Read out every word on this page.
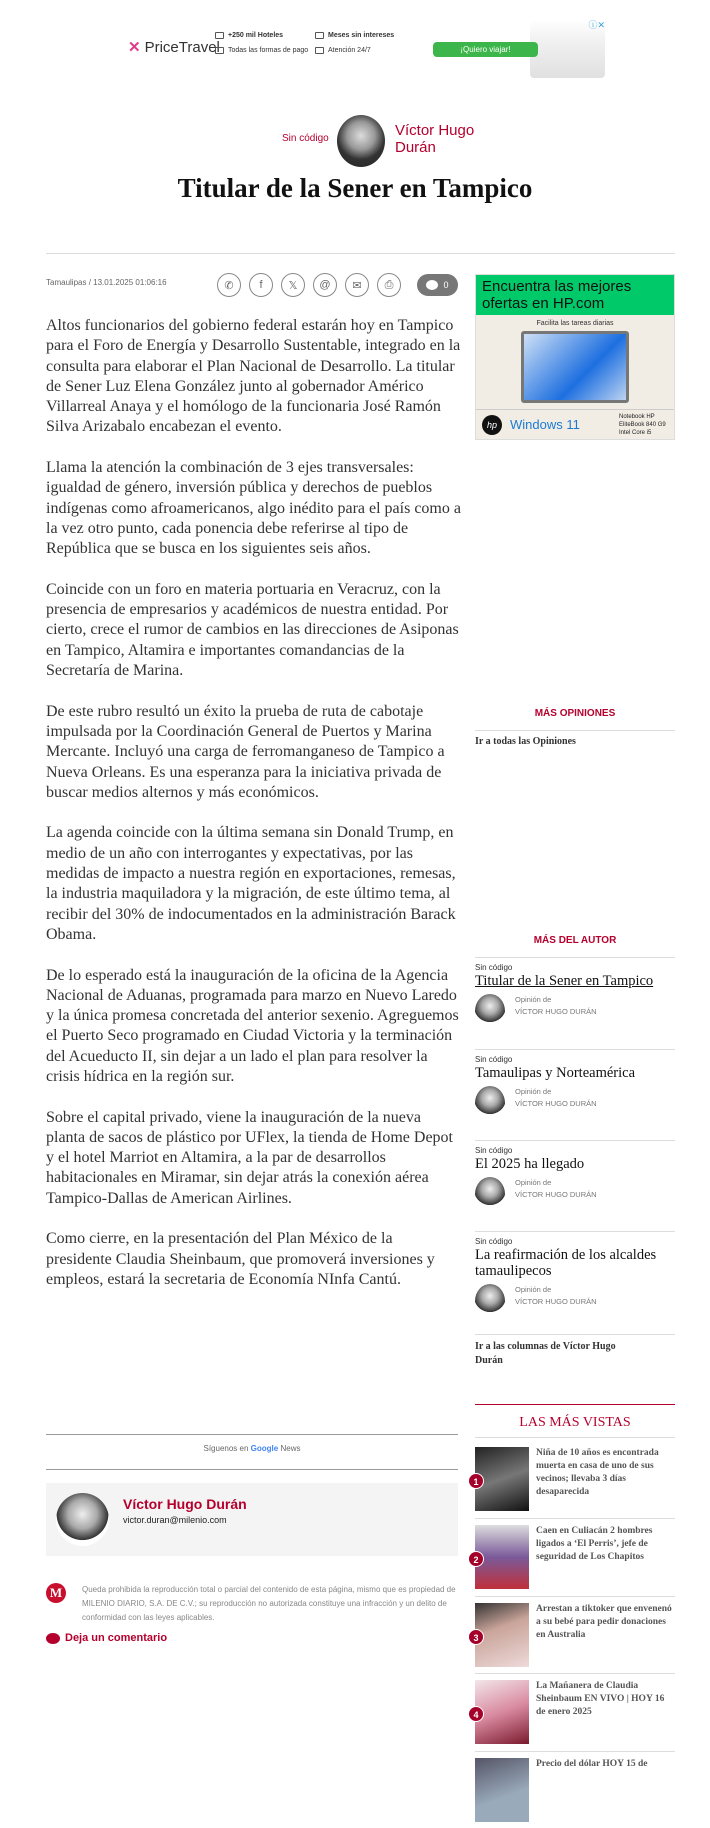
✕ PriceTravel
+250 mil Hoteles
Todas las formas de pago
Meses sin intereses
Atención 24/7	¡Quiero viajar!
ⓘ✕
Sin código	Víctor Hugo Durán
Titular de la Sener en Tampico
Tamaulipas / 13.01.2025 01:06:16	✆	f	𝕏	@	✉	⎙	0	Encuentra las mejores ofertas en HP.com
Facilita las tareas diarias
hp	Windows 11
Notebook HP EliteBook 840 G9 Intel Core i5

Altos funcionarios del gobierno federal estarán hoy en Tampico para el Foro de Energía y Desarrollo Sustentable, integrado en la consulta para elaborar el Plan Nacional de Desarrollo. La titular de Sener Luz Elena González junto al gobernador Américo Villarreal Anaya y el homólogo de la funcionaria José Ramón Silva Arizabalo encabezan el evento.

Llama la atención la combinación de 3 ejes transversales: igualdad de género, inversión pública y derechos de pueblos indígenas como afroamericanos, algo inédito para el país como a la vez otro punto, cada ponencia debe referirse al tipo de República que se busca en los siguientes seis años.

Coincide con un foro en materia portuaria en Veracruz, con la presencia de empresarios y académicos de nuestra entidad. Por cierto, crece el rumor de cambios en las direcciones de Asiponas en Tampico, Altamira e importantes comandancias de la Secretaría de Marina.

De este rubro resultó un éxito la prueba de ruta de cabotaje impulsada por la Coordinación General de Puertos y Marina Mercante. Incluyó una carga de ferromanganeso de Tampico a Nueva Orleans. Es una esperanza para la iniciativa privada de buscar medios alternos y más económicos.

La agenda coincide con la última semana sin Donald Trump, en medio de un año con interrogantes y expectativas, por las medidas de impacto a nuestra región en exportaciones, remesas, la industria maquiladora y la migración, de este último tema, al recibir del 30% de indocumentados en la administración Barack Obama.

De lo esperado está la inauguración de la oficina de la Agencia Nacional de Aduanas, programada para marzo en Nuevo Laredo y la única promesa concretada del anterior sexenio. Agreguemos el Puerto Seco programado en Ciudad Victoria y la terminación del Acueducto II, sin dejar a un lado el plan para resolver la crisis hídrica en la región sur.

Sobre el capital privado, viene la inauguración de la nueva planta de sacos de plástico por UFlex, la tienda de Home Depot y el hotel Marriot en Altamira, a la par de desarrollos habitacionales en Miramar, sin dejar atrás la conexión aérea Tampico-Dallas de American Airlines.

Como cierre, en la presentación del Plan México de la presidente Claudia Sheinbaum, que promoverá inversiones y empleos, estará la secretaria de Economía NInfa Cantú.

Síguenos en Google News
Víctor Hugo Durán
victor.duran@milenio.com
M	Queda prohibida la reproducción total o parcial del contenido de esta página, mismo que es propiedad de MILENIO DIARIO, S.A. DE C.V.; su reproducción no autorizada constituye una infracción y un delito de conformidad con las leyes aplicables.
Deja un comentario
MÁS OPINIONES
Ir a todas las Opiniones
MÁS DEL AUTOR
Sin código
Titular de la Sener en Tampico
Opinión de
VÍCTOR HUGO DURÁN
Sin código
Tamaulipas y Norteamérica
Opinión de
VÍCTOR HUGO DURÁN
Sin código
El 2025 ha llegado
Opinión de
VÍCTOR HUGO DURÁN
Sin código
La reafirmación de los alcaldes tamaulipecos
Opinión de
VÍCTOR HUGO DURÁN
Ir a las columnas de Víctor Hugo Durán
LAS MÁS VISTAS
1
Niña de 10 años es encontrada muerta en casa de uno de sus vecinos; llevaba 3 días desaparecida
2
Caen en Culiacán 2 hombres ligados a ‘El Perris’, jefe de seguridad de Los Chapitos
3
Arrestan a tiktoker que envenenó a su bebé para pedir donaciones en Australia
4
La Mañanera de Claudia Sheinbaum EN VIVO | HOY 16 de enero 2025
Precio del dólar HOY 15 de
